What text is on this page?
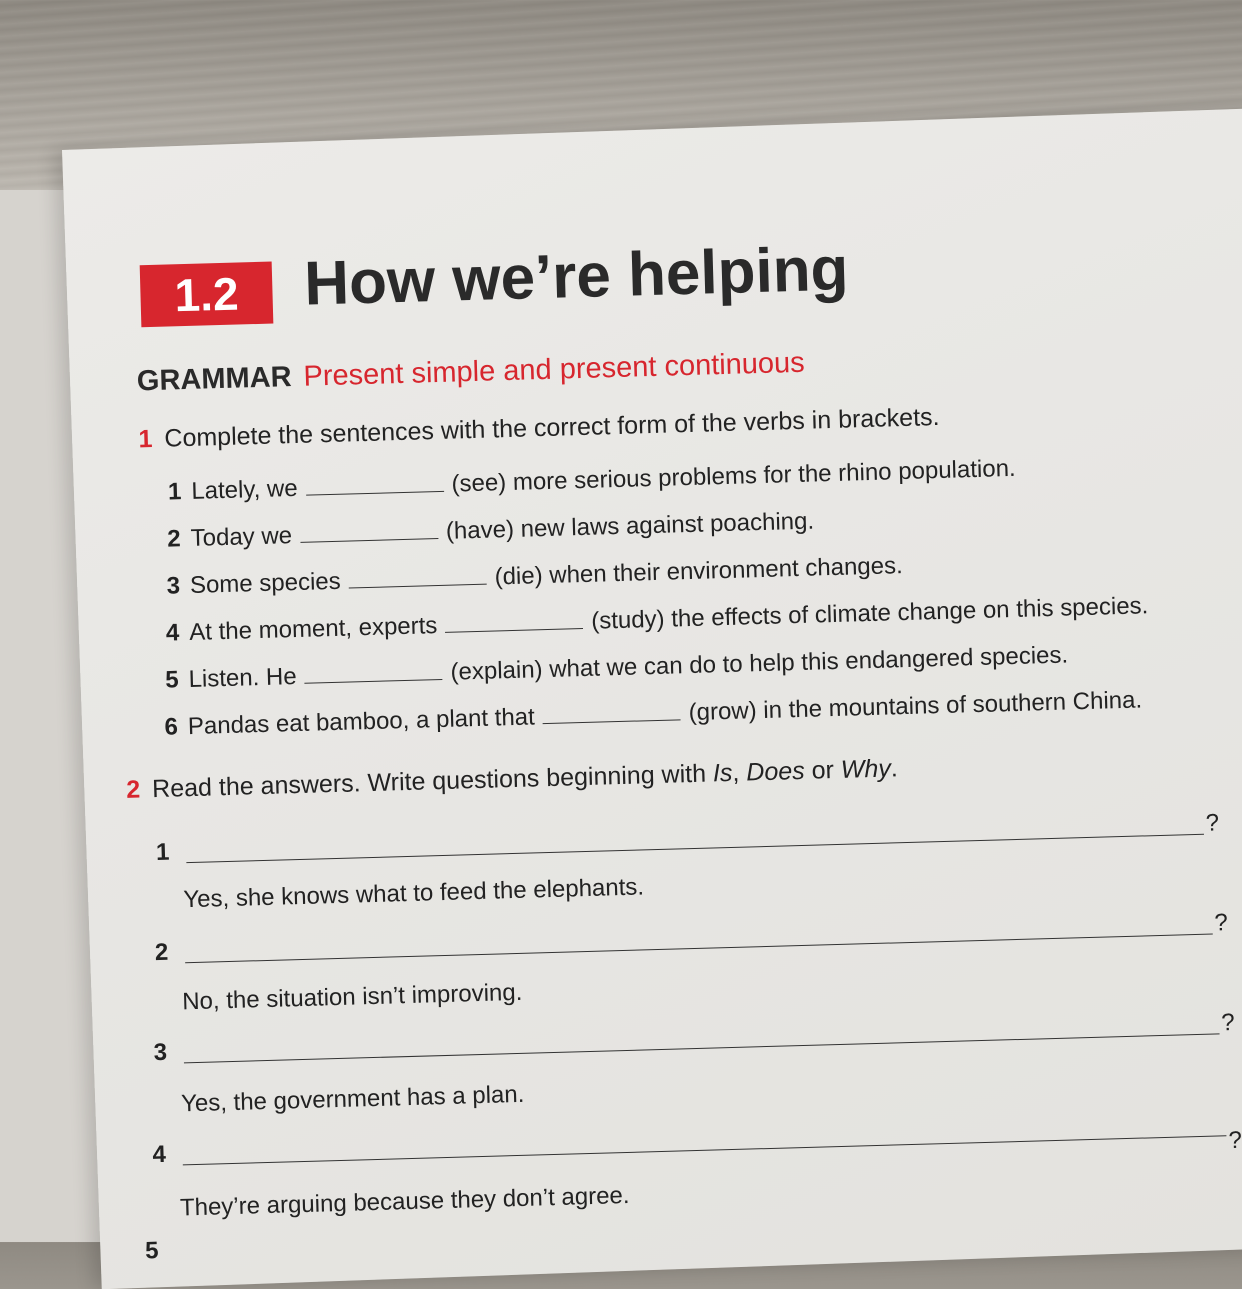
1.2	How we’re helping
GRAMMAR Present simple and present continuous
1 Complete the sentences with the correct form of the verbs in brackets.
1 Lately, we	(see) more serious problems for the rhino population.
2 Today we	(have) new laws against poaching.
3 Some species	(die) when their environment changes.
4 At the moment, experts	(study) the effects of climate change on this species.
5 Listen. He	(explain) what we can do to help this endangered species.
6 Pandas eat bamboo, a plant that	(grow) in the mountains of southern China.
2 Read the answers. Write questions beginning with Is, Does or Why.
1
?
Yes, she knows what to feed the elephants.
2
?
No, the situation isn’t improving.
3
?
Yes, the government has a plan.
4
?
They’re arguing because they don’t agree.
5
